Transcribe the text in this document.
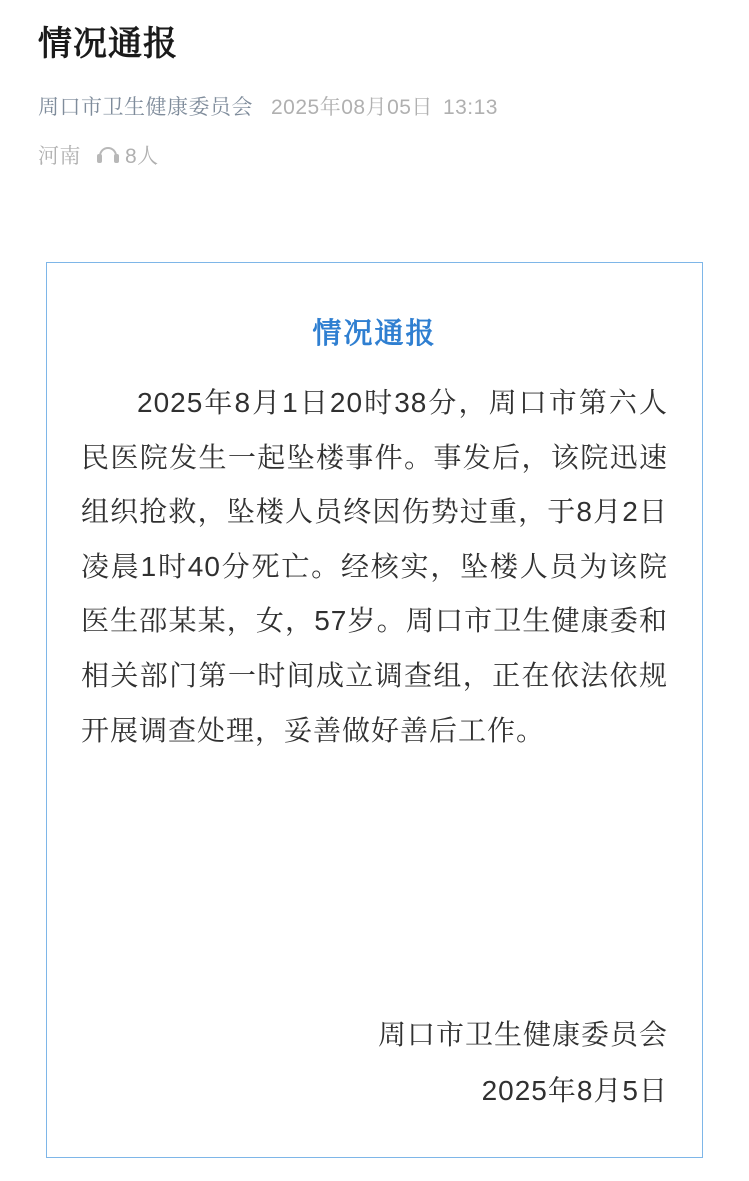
情况通报
周口市卫生健康委员会 2025年08月05日 13:13
河南 8人
情况通报

2025年8月1日20时38分，周口市第六人民医院发生一起坠楼事件。事发后，该院迅速组织抢救，坠楼人员终因伤势过重，于8月2日凌晨1时40分死亡。经核实，坠楼人员为该院医生邵某某，女，57岁。周口市卫生健康委和相关部门第一时间成立调查组，正在依法依规开展调查处理，妥善做好善后工作。

周口市卫生健康委员会
2025年8月5日
